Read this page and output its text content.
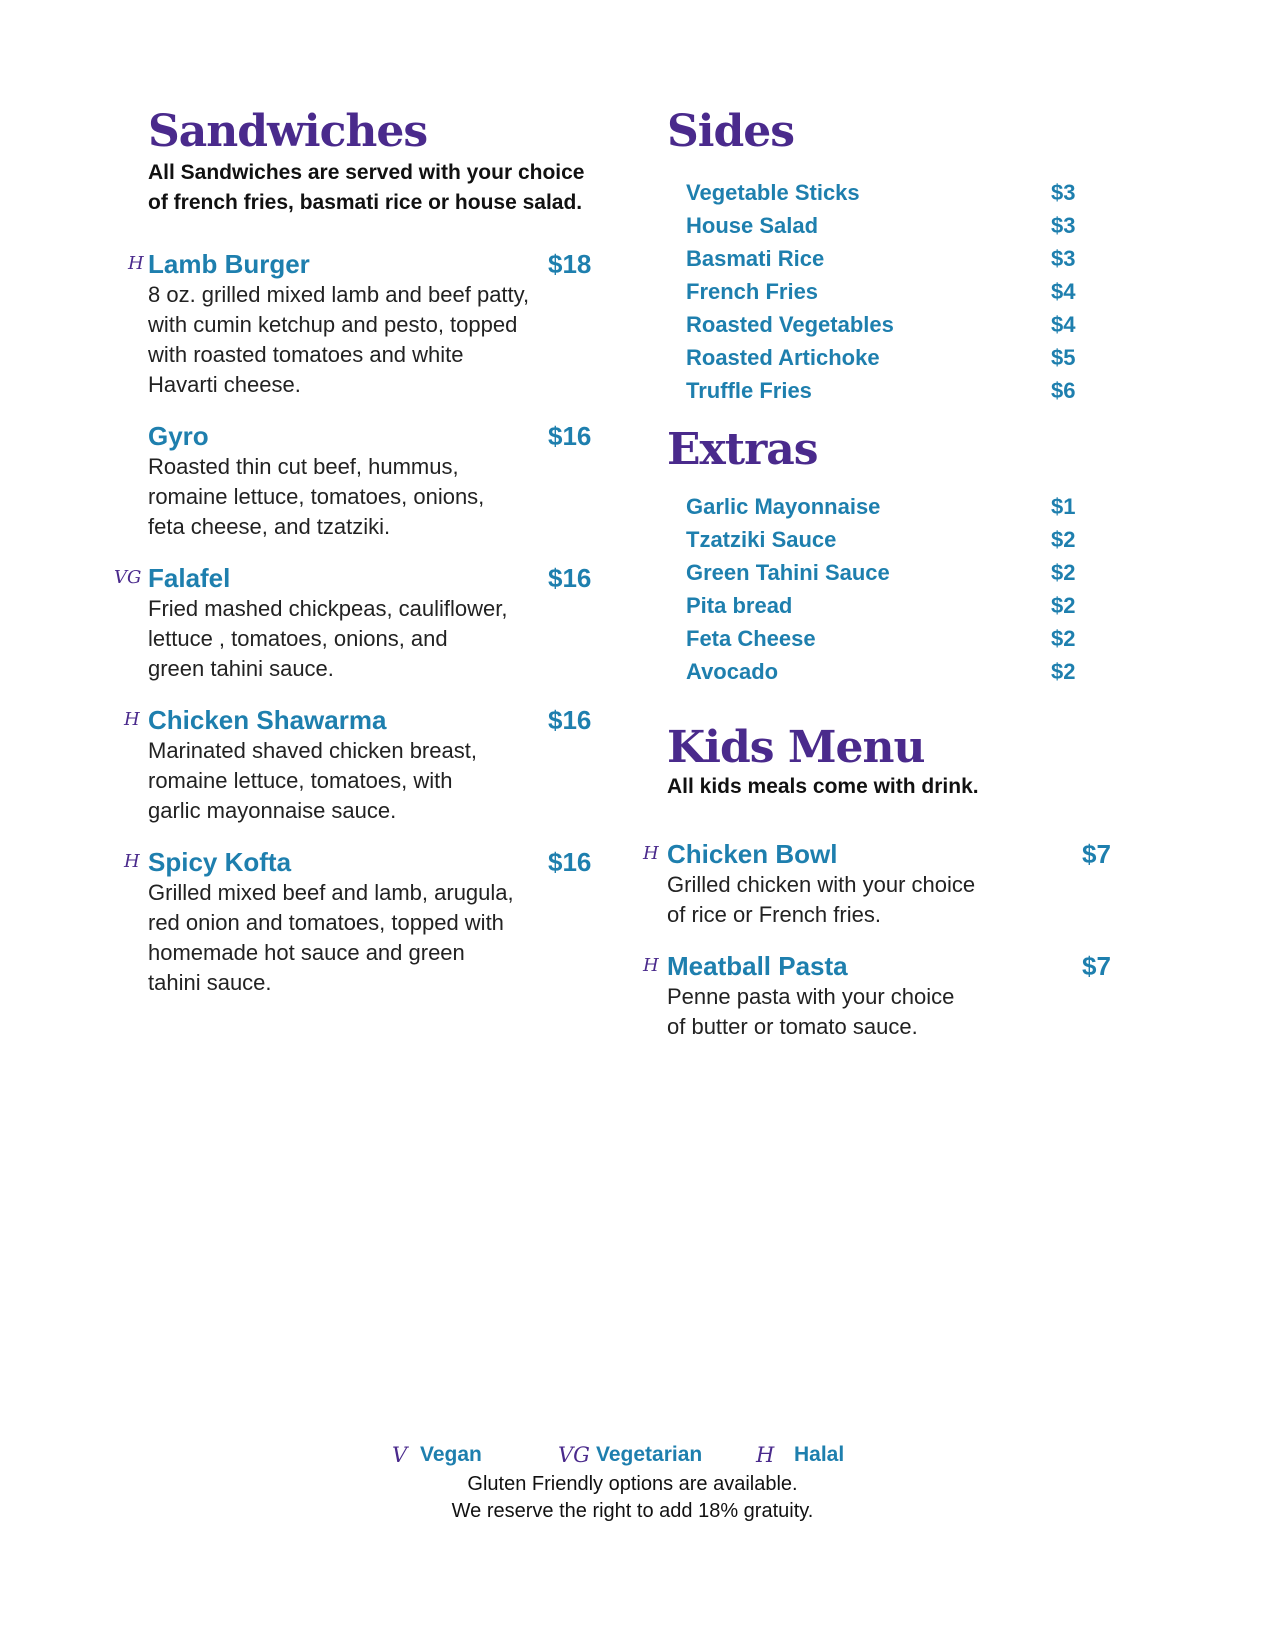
Sandwiches
All Sandwiches are served with your choice
of french fries, basmati rice or house salad.
H Lamb Burger	$18
8 oz. grilled mixed lamb and beef patty,
with cumin ketchup and pesto, topped
with roasted tomatoes and white
Havarti cheese.
Gyro	$16
Roasted thin cut beef, hummus,
romaine lettuce, tomatoes, onions,
feta cheese, and tzatziki.
VG Falafel	$16
Fried mashed chickpeas, cauliflower,
lettuce , tomatoes, onions, and
green tahini sauce.
H Chicken Shawarma	$16
Marinated shaved chicken breast,
romaine lettuce, tomatoes, with
garlic mayonnaise sauce.
H Spicy Kofta	$16
Grilled mixed beef and lamb, arugula,
red onion and tomatoes, topped with
homemade hot sauce and green
tahini sauce.
Sides
Vegetable Sticks	$3
House Salad	$3
Basmati Rice	$3
French Fries	$4
Roasted Vegetables	$4
Roasted Artichoke	$5
Truffle Fries	$6
Extras
Garlic Mayonnaise	$1
Tzatziki Sauce	$2
Green Tahini Sauce	$2
Pita bread	$2
Feta Cheese	$2
Avocado	$2
Kids Menu
All kids meals come with drink.
H Chicken Bowl	$7
Grilled chicken with your choice
of rice or French fries.
H Meatball Pasta	$7
Penne pasta with your choice
of butter or tomato sauce.
V Vegan	VG Vegetarian	H Halal
Gluten Friendly options are available.
We reserve the right to add 18% gratuity.
